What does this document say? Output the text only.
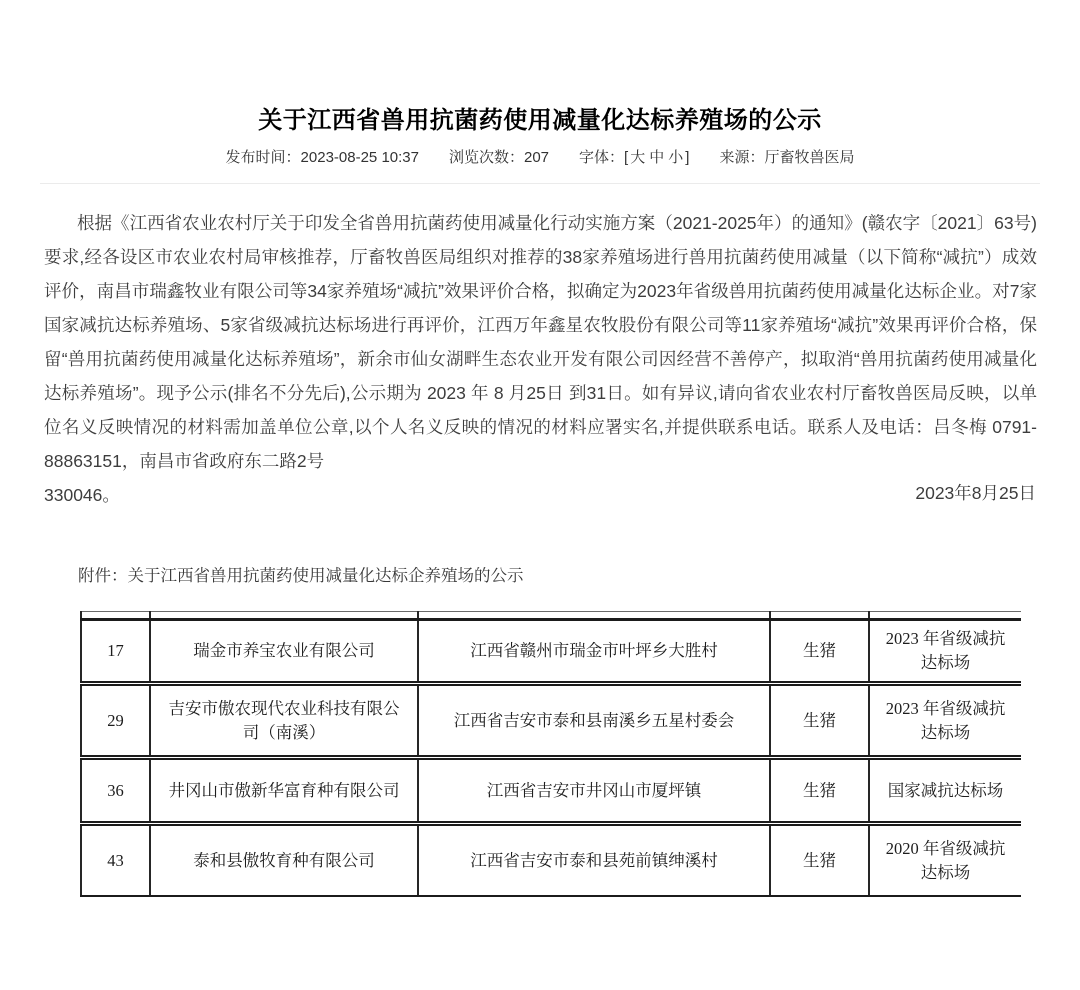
关于江西省兽用抗菌药使用减量化达标养殖场的公示
发布时间：2023-08-25 10:37 浏览次数：207 字体：[ 大 中 小 ] 来源：厅畜牧兽医局
根据《江西省农业农村厅关于印发全省兽用抗菌药使用减量化行动实施方案（2021-2025年）的通知》(赣农字〔2021〕63号)要求,经各设区市农业农村局审核推荐，厅畜牧兽医局组织对推荐的38家养殖场进行兽用抗菌药使用减量（以下简称“减抗”）成效评价，南昌市瑞鑫牧业有限公司等34家养殖场“减抗”效果评价合格，拟确定为2023年省级兽用抗菌药使用减量化达标企业。对7家国家减抗达标养殖场、5家省级减抗达标场进行再评价，江西万年鑫星农牧股份有限公司等11家养殖场“减抗”效果再评价合格，保留“兽用抗菌药使用减量化达标养殖场”，新余市仙女湖畔生态农业开发有限公司因经营不善停产，拟取消“兽用抗菌药使用减量化达标养殖场”。现予公示(排名不分先后),公示期为 2023 年 8 月25日 到31日。如有异议,请向省农业农村厅畜牧兽医局反映，以单位名义反映情况的材料需加盖单位公章,以个人名义反映的情况的材料应署实名,并提供联系电话。联系人及电话：吕冬梅 0791-88863151，南昌市省政府东二路2号
330046。	2023年8月25日
附件：关于江西省兽用抗菌药使用减量化达标企养殖场的公示

17	瑞金市养宝农业有限公司	江西省赣州市瑞金市叶坪乡大胜村	生猪	2023 年省级减抗达标场
29	吉安市傲农现代农业科技有限公司（南溪）	江西省吉安市泰和县南溪乡五星村委会	生猪	2023 年省级减抗达标场
36	井冈山市傲新华富育种有限公司	江西省吉安市井冈山市厦坪镇	生猪	国家减抗达标场
43	泰和县傲牧育种有限公司	江西省吉安市泰和县苑前镇绅溪村	生猪	2020 年省级减抗达标场
